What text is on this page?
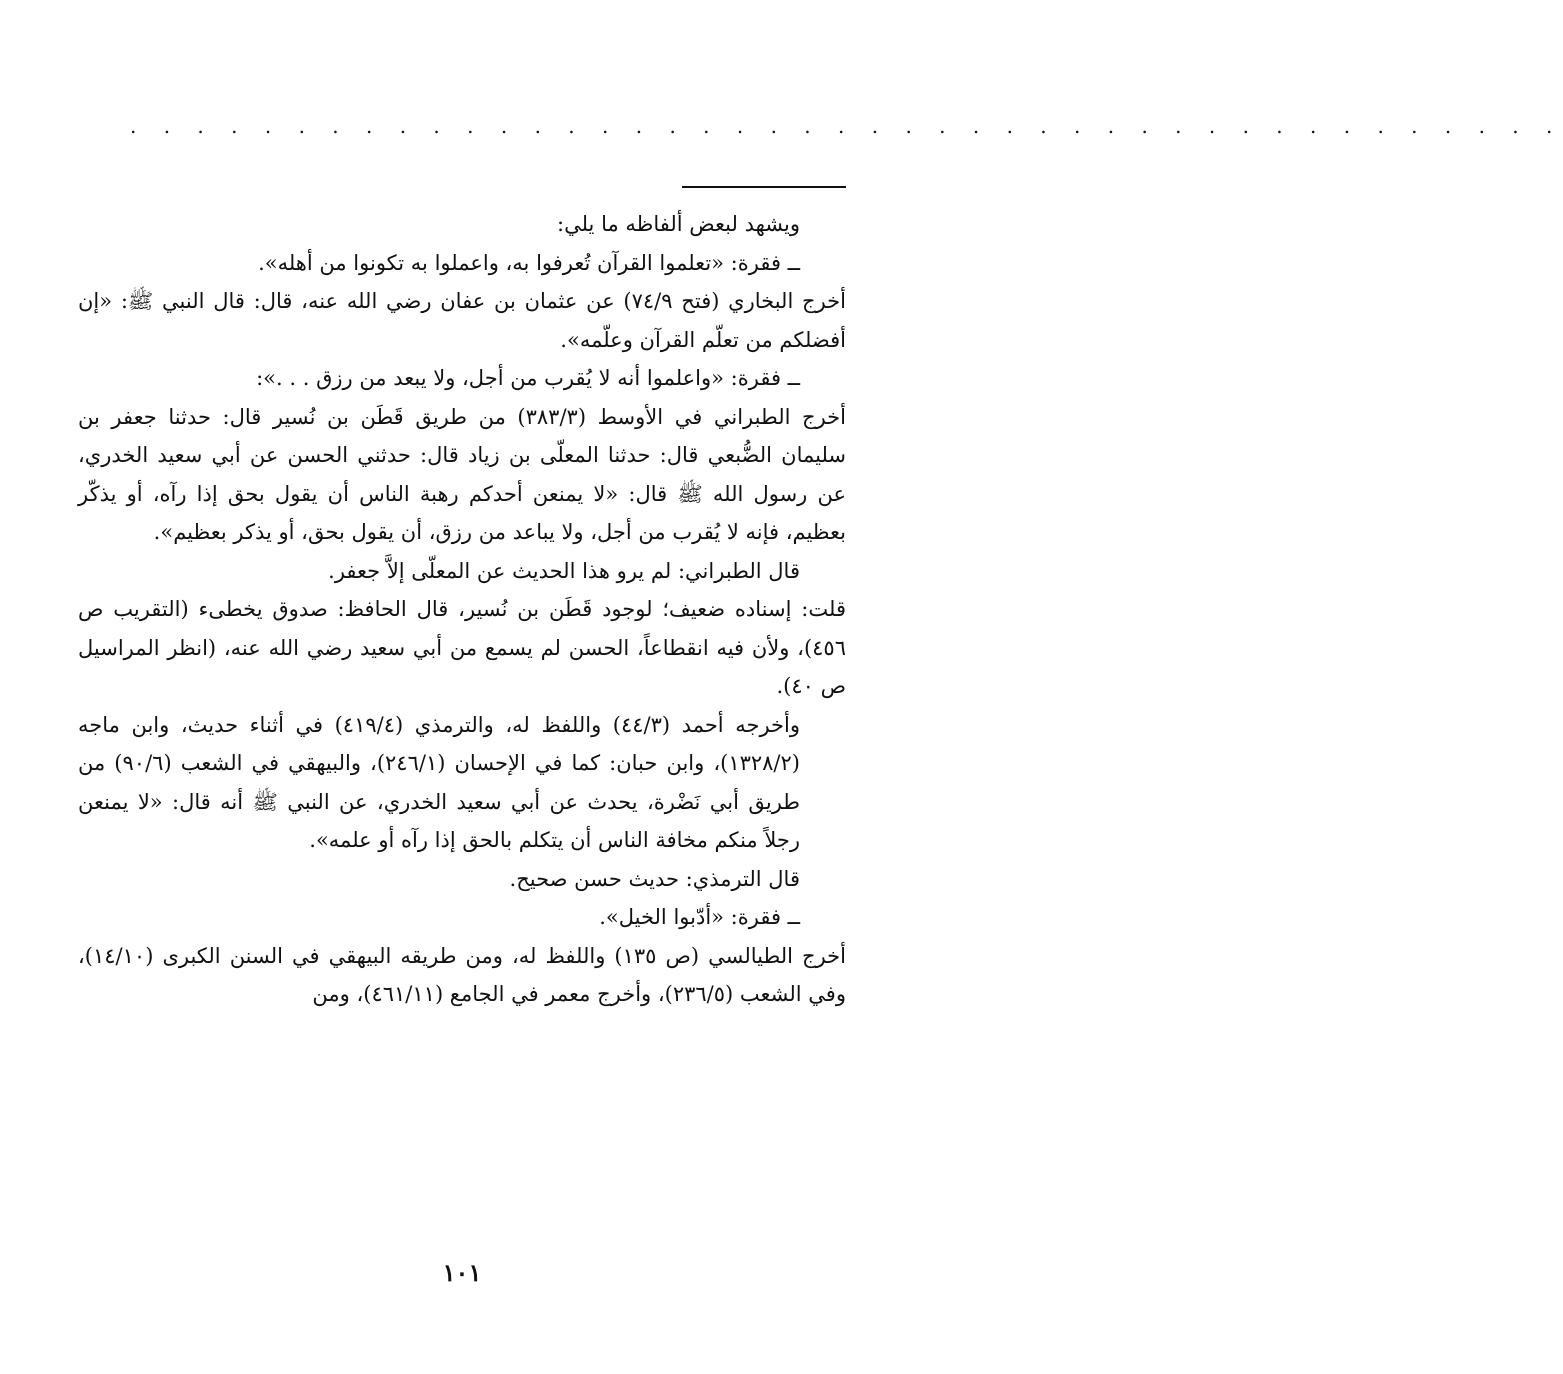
. . . . . . . . . . . . . . . . . . . . . . . . . . . . . . . . . . . . . . . . . . .

ويشهد لبعض ألفاظه ما يلي:

ــ فقرة: «تعلموا القرآن تُعرفوا به، واعملوا به تكونوا من أهله».

أخرج البخاري (فتح ٧٤/٩) عن عثمان بن عفان رضي الله عنه، قال: قال النبي ﷺ: «إن أفضلكم من تعلّم القرآن وعلّمه».

ــ فقرة: «واعلموا أنه لا يُقرب من أجل، ولا يبعد من رزق . . .»:

أخرج الطبراني في الأوسط (٣٨٣/٣) من طريق قَطَن بن نُسير قال: حدثنا جعفر بن سليمان الضُّبعي قال: حدثنا المعلّى بن زياد قال: حدثني الحسن عن أبي سعيد الخدري، عن رسول الله ﷺ قال: «لا يمنعن أحدكم رهبة الناس أن يقول بحق إذا رآه، أو يذكّر بعظيم، فإنه لا يُقرب من أجل، ولا يباعد من رزق، أن يقول بحق، أو يذكر بعظيم».

قال الطبراني: لم يرو هذا الحديث عن المعلّى إلاَّ جعفر.

قلت: إسناده ضعيف؛ لوجود قَطَن بن نُسير، قال الحافظ: صدوق يخطىء (التقريب ص ٤٥٦)، ولأن فيه انقطاعاً، الحسن لم يسمع من أبي سعيد رضي الله عنه، (انظر المراسيل ص ٤٠).

وأخرجه أحمد (٤٤/٣) واللفظ له، والترمذي (٤١٩/٤) في أثناء حديث، وابن ماجه (١٣٢٨/٢)، وابن حبان: كما في الإحسان (٢٤٦/١)، والبيهقي في الشعب (٩٠/٦) من طريق أبي نَضْرة، يحدث عن أبي سعيد الخدري، عن النبي ﷺ أنه قال: «لا يمنعن رجلاً منكم مخافة الناس أن يتكلم بالحق إذا رآه أو علمه».

قال الترمذي: حديث حسن صحيح.

ــ فقرة: «أدّبوا الخيل».

أخرج الطيالسي (ص ١٣٥) واللفظ له، ومن طريقه البيهقي في السنن الكبرى (١٤/١٠)، وفي الشعب (٢٣٦/٥)، وأخرج معمر في الجامع (٤٦١/١١)، ومن

١٠١
